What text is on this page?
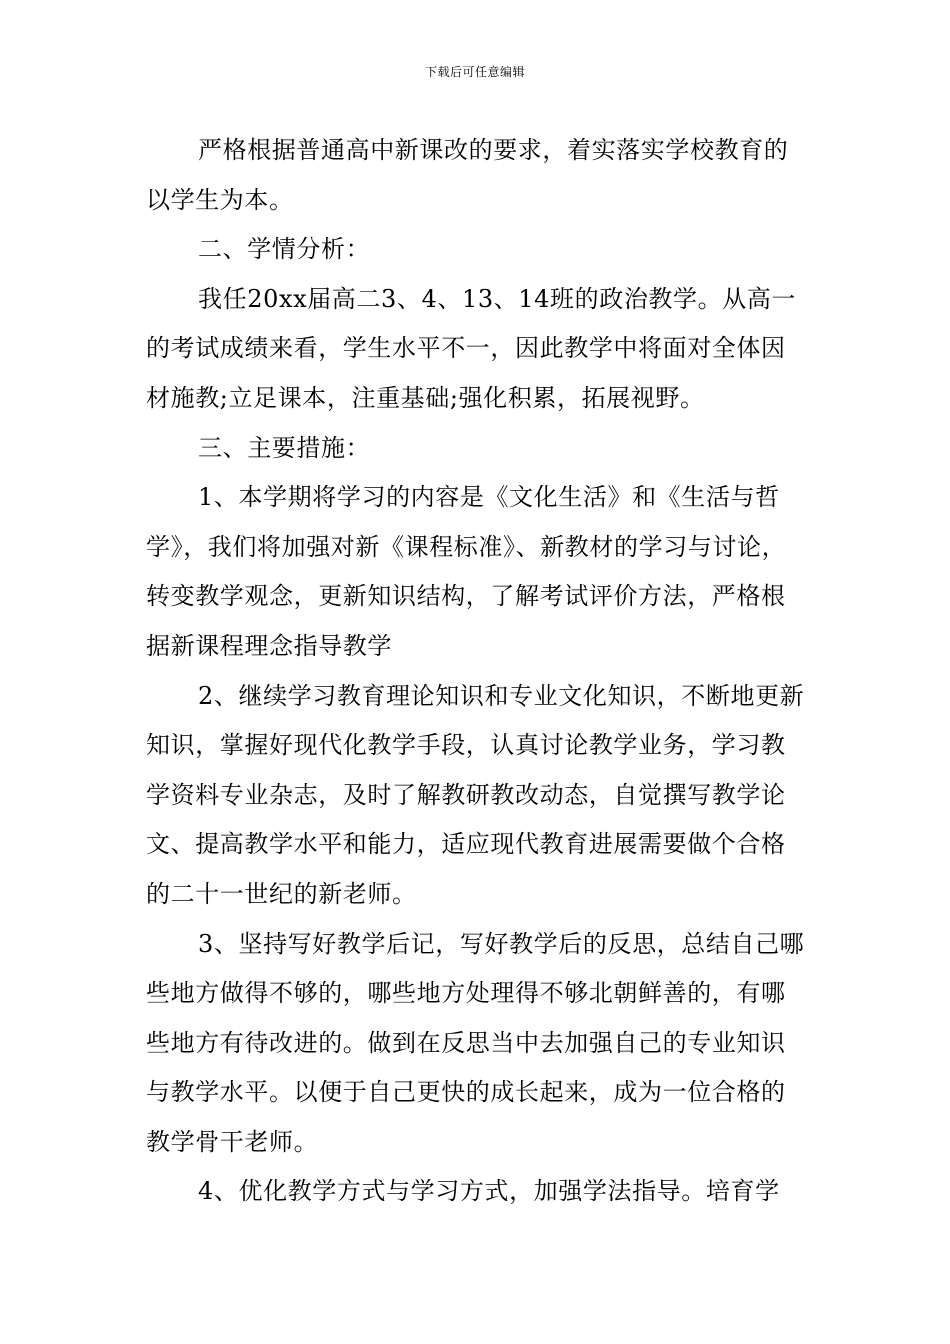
下载后可任意编辑

严格根据普通高中新课改的要求，着实落实学校教育的以学生为本。

二、学情分析：

我任20xx届高二3、4、13、14班的政治教学。从高一的考试成绩来看，学生水平不一，因此教学中将面对全体因材施教;立足课本，注重基础;强化积累，拓展视野。

三、主要措施：

1、本学期将学习的内容是《文化生活》和《生活与哲学》，我们将加强对新《课程标准》、新教材的学习与讨论，转变教学观念，更新知识结构，了解考试评价方法，严格根据新课程理念指导教学

2、继续学习教育理论知识和专业文化知识，不断地更新知识，掌握好现代化教学手段，认真讨论教学业务，学习教学资料专业杂志，及时了解教研教改动态，自觉撰写教学论文、提高教学水平和能力，适应现代教育进展需要做个合格的二十一世纪的新老师。

3、坚持写好教学后记，写好教学后的反思，总结自己哪些地方做得不够的，哪些地方处理得不够北朝鲜善的，有哪些地方有待改进的。做到在反思当中去加强自己的专业知识与教学水平。以便于自己更快的成长起来，成为一位合格的教学骨干老师。

4、优化教学方式与学习方式，加强学法指导。培育学
